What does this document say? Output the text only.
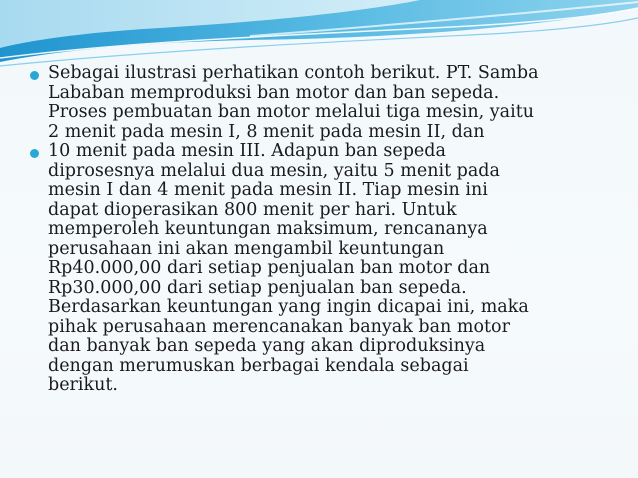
Sebagai ilustrasi perhatikan contoh berikut. PT. Samba
Lababan memproduksi ban motor dan ban sepeda.
Proses pembuatan ban motor melalui tiga mesin, yaitu
2 menit pada mesin I, 8 menit pada mesin II, dan

10 menit pada mesin III. Adapun ban sepeda
diprosesnya melalui dua mesin, yaitu 5 menit pada
mesin I dan 4 menit pada mesin II. Tiap mesin ini
dapat dioperasikan 800 menit per hari. Untuk
memperoleh keuntungan maksimum, rencananya
perusahaan ini akan mengambil keuntungan
Rp40.000,00 dari setiap penjualan ban motor dan
Rp30.000,00 dari setiap penjualan ban sepeda.
Berdasarkan keuntungan yang ingin dicapai ini, maka
pihak perusahaan merencanakan banyak ban motor
dan banyak ban sepeda yang akan diproduksinya
dengan merumuskan berbagai kendala sebagai
berikut.
